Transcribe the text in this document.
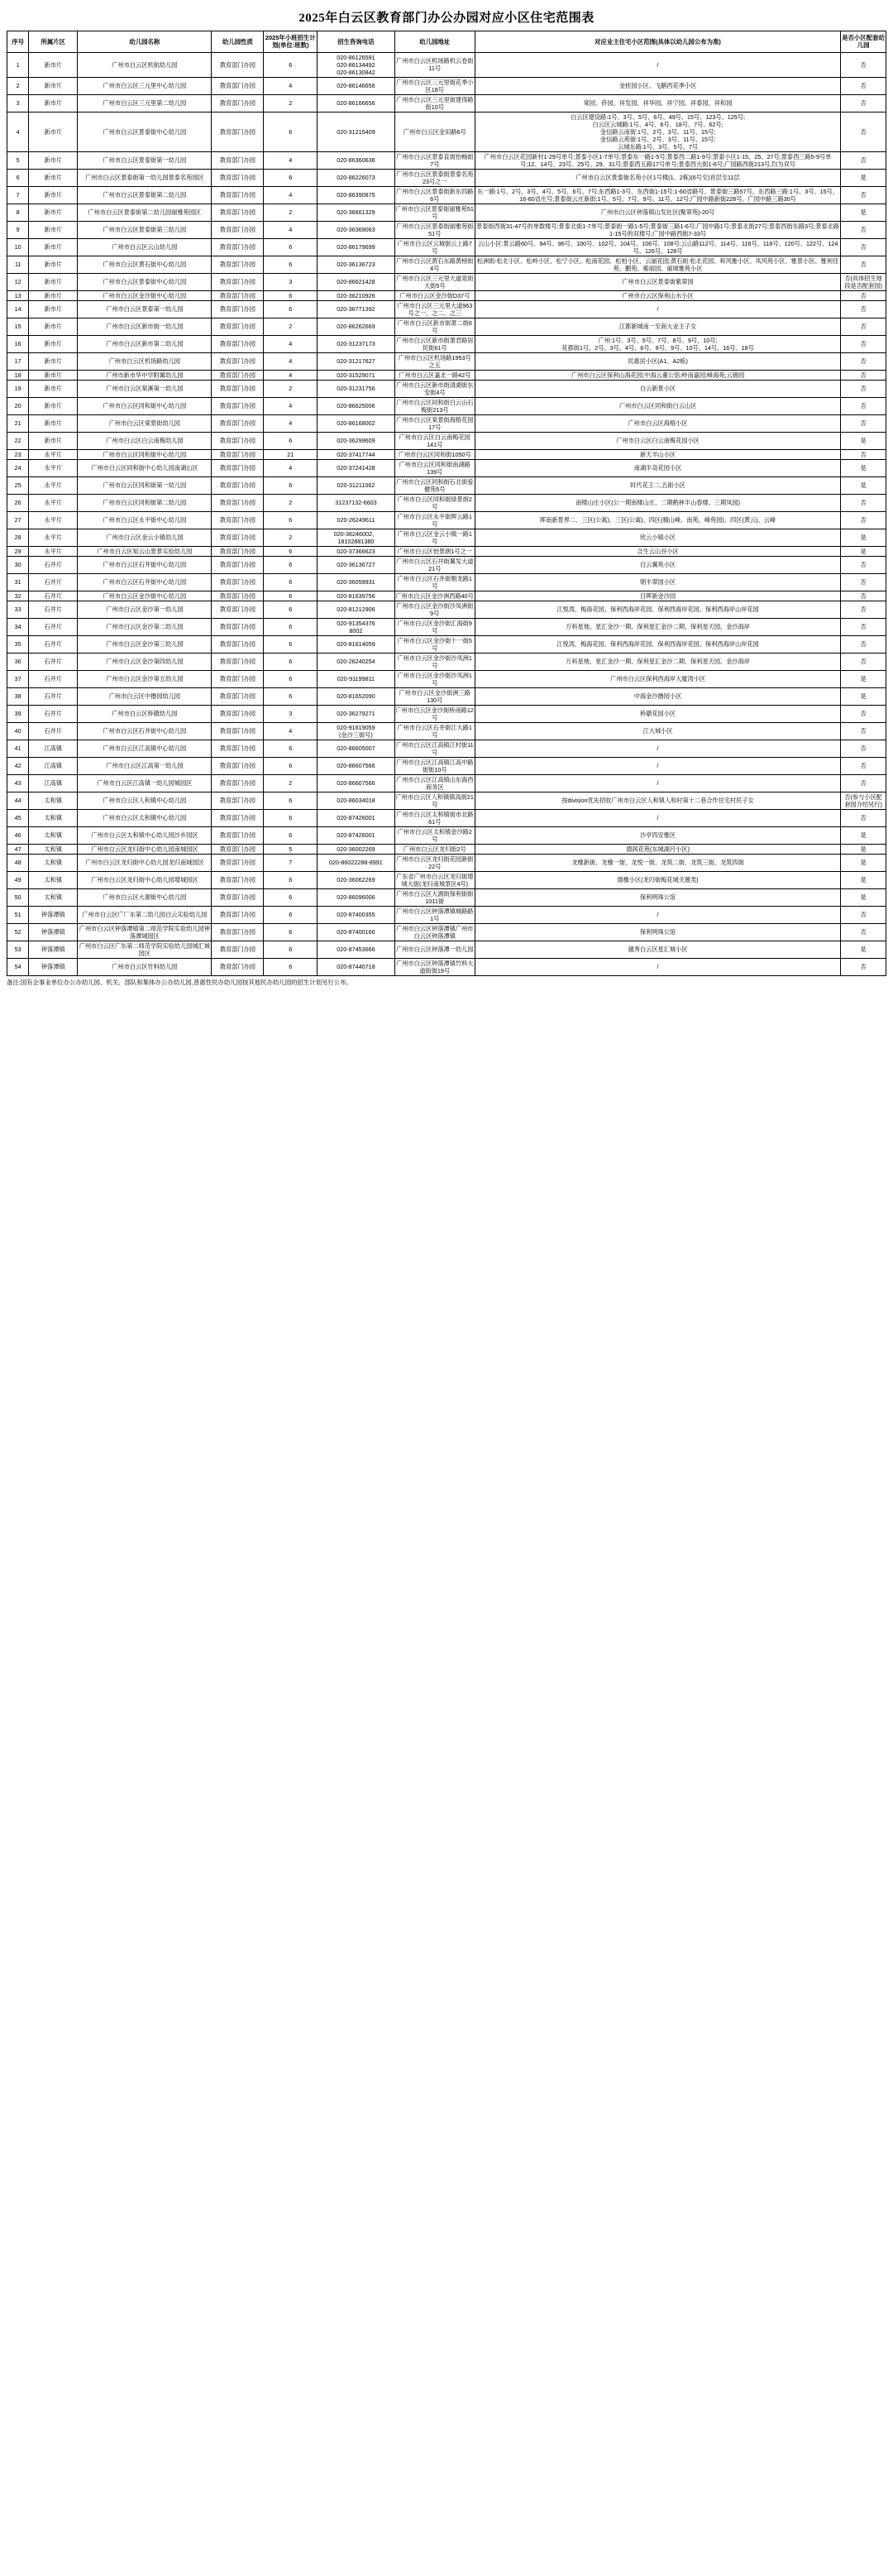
2025年白云区教育部门办公办园对应小区住宅范围表
序号	所属片区	幼儿园名称	幼儿园性质	2025年小班招生计划(单位:班数)	招生咨询电话	幼儿园地址	对应业主住宅小区范围(具体以幼儿园公布为准)	是否小区配套幼儿园
1	新市片	广州市白云区机航幼儿园	教育部门办园	6	020-86126591
020-86134492
020-86130842	广州市白云区机场路机云卷街11号	/	否
2	新市片	广州市白云区三元里中心幼儿园	教育部门办园	4	020-86146656	广州市白云区三元里街花季小区18号	金桂园小区、飞鹅西花季小区	否
3	新市片	广州市白云区三元里第二幼儿园	教育部门办园	2	020-86166656	广州市白云区三元里街建得路街10号	棠园、侨园、祥发园、祥华园、祥宁园、祥泰园、祥和园	否
4	新市片	广州市白云区景泰街中心幼儿园	教育部门办园	6	020-31215409	广州市白云区金田路6号	白云区建设路:1号、3号、5号、6号、49号、15号、123号、125号;
白云区云城路:1号、4号、6号、18号、7号、62号;
金信路云南街:1号、2号、3号、11号、15号;
金信路云苑街:1号、2号、3号、11号、15号;
云城东路:1号、3号、5号、7号	否
5	新市片	广州市白云区景泰街第一幼儿园	教育部门办园	4	020-86360636	广州市白云区景泰直街怡畅街7号	广州市白云区花园新村1-29号单号;景泰小区1-7单号;景泰东一路1-5号;景泰西二路1-9号;景泰小区1-15、25、27号;景泰西三路5-9号单号;12、14号、23号、25号、29、31号;景泰西五路17号单号;景泰西大街1-6号;广园路西街213号,均为双号	否
6	新市片	广州市白云区景泰街第一幼儿园景泰名苑园区	教育部门办园	6	020-86226073	广州市白云区景泰街景泰名苑23号之一	广州市白云区景泰街名苑小区1号楼(1、2栋)(6号至)首层至11层	是
7	新市片	广州市白云区景泰街第二幼儿园	教育部门办园	4	020-86390875	广州市白云区景泰街新东四路6号	东一路:1号、2号、3号、4号、5号、6号、7号;东西路1-3号、东西街1-15号;1-60省路号、景泰街三路57号、东西路三路:1号、3号、15号、16-60省庄号;景泰街云庄新街:1号、5号、7号、9号、11号、12号;广园中路新街228号、广园中路三路30号	否
8	新市片	广州市白云区景泰街第二幼儿园丽雅苑园区	教育部门办园	2	020-36661329	广州市白云区景泰街丽雅苑51号	广州市白云区钟落镇山发社区(聚翠苑)-20号	是
9	新市片	广州市白云区景泰街第三幼儿园	教育部门办园	4	020-36369063	广州市白云区景泰街丽雅苑街51号	景泰街西街31-47号的单数楼号;景泰北街1-7单号;景泰街一路1-5号;景泰街三路1-6号;广园中路1号;景泰北街27号;景泰西街东路3号;景泰北路1-15号的双楼号;广园中路西街7-33号	否
10	新市片	广州市白云区云山幼儿园	教育部门办园	6	020-86179699	广州市白云区云城街云上路7号	云山小区:景云路60号、94号、96号、100号、102号、104号、106号、108号;云山路112号、114号、116号、118号、120号、122号、124号、126号、128号	否
11	新市片	广州市白云区黄石街中心幼儿园	教育部门办园	6	020-36136723	广州市白云区黄石东路黄榜街4号	松洲街:松北小区、松岭小区、松宁小区、松南花园、松柏小区、云丽花园;黄石街:松北花园、和风雅小区、凤风苑小区、雅景小区、雅利佳苑、鹏苑、紫丽园、丽城雅苑小区	否
12	新市片	广州市白云区景泰街中心幼儿园	教育部门办园	3	020-86621428	广州市白云区三元里大道泉街大街5号	广州市白云区景泰街紫翠园	否(具体招生地段是否配套园)
13	新市片	广州市白云区金沙街中心幼儿园	教育部门办园	6	020-36210926	广州市白云区金沙街D37号	广州市白云区保利山水小区	否
14	新市片	广州市白云区景泰第一幼儿园	教育部门办园	6	020-36771392	广州市白云区三元里大道963号之一、之二、之三	/	否
15	新市片	广州市白云区新市街一幼儿园	教育部门办园	2	020-86262669	广州市白云区新市街萧二街6号	江都新城南一至商大业主子女	否
16	新市片	广州市白云区新市第二幼儿园	教育部门办园	4	020-31237173	广州市白云区新市街萧君路居民街61号	广州:1号、3号、5号、7号、8号、9号、10号;
花都街1号、2号、3号、4号、6号、8号、9号、10号、14号、16号、18号	否
17	新市片	广州市白云区机场路幼儿园	教育部门办园	4	020-31217627	广州市白云区机场路1953号之五	民惠居小区(A1、A2栋)	否
18	新市片	广州市新市华中学附属幼儿园	教育部门办园	4	020-31529071	广州市白云区嘉北一路42号	广州市白云区保利山海花园;中海云董公馆;岭南嘉园;峰海苑;云锦园	否
19	新市片	广州市白云区棠溪第一幼儿园	教育部门办园	2	020-31231756	广州市白云区新市街清湖街东安街4号	白云新景小区	否
20	新市片	广州市白云区同和街中心幼儿园	教育部门办园	4	020-86625006	广州市白云区同和街白云山石梅街213号	广州市白云区同和街白云山区	否
21	新市片	广州市白云区棠景街幼儿园	教育部门办园	4	020-86168002	广州市白云区棠景街海榕花园17号	广州市白云区海榕小区	否
22	新市片	广州市白云区白云南梅幼儿园	教育部门办园	6	020-36299609	广州市白云区白云南梅花园141号	广州市白云区白云南梅花园小区	是
23	永平片	广州市白云区同和街中心幼儿园	教育部门办园	21	020-37417744	广州市白云区同和街1050号	新天羊山小区	否
24	永平片	广州市白云区同和街中心幼儿园南湖山区	教育部门办园	4	020-37241428	广州市白云区同和街南湖路139号	南湖半岛花园小区	是
25	永平片	广州市白云区同和街第一幼儿园	教育部门办园	6	020-31211062	广州市白云区同和街石北街爱健苑5号	时代花王二,五街小区	是
26	永平片	广州市白云区同和街第二幼儿园	教育部门办园	2	31237132-6603	广州市白云区同和街绿景街2号	南楼山庄小区(公一期南楼山庄、二期鹤林半山春楼、三期凤园)	否
27	永平片	广州市白云区永平街中心幼儿园	教育部门办园	6	020-26249611	广州市白云区永平街晖云路1号	晖南新景界二、三区(公寓)、三区(公寓)、四区(精山峰、南苑、峰苑园)、四区(黄云)、云峰	否
28	永平片	广州市白云区金云小镇幼儿园	教育部门办园	2	020-36246002、18102881380	广州市白云区金云小镇一路1号	欣云小镇小区	是
29	永平片	广州市白云区知云山景景实验幼儿园	教育部门办园	6	020-37366623	广州市白云区怡景朗1号之一	合生云山谷小区	是
30	石井片	广州市白云区石井街中心幼儿园	教育部门办园	6	020-36136727	广州市白云区石井街翼发大道21号	白云翼苑小区	否
31	石井片	广州市白云区石井街中心幼儿园	教育部门办园	6	020-36059931	广州市白云区石井街朝龙路1号	朝丰翠园小区	否
32	石井片	广州市白云区金沙街中心幼儿园	教育部门办园	6	020-81639756	广州市白云区金沙洲西路40号	日晖新金沙园	否
33	石井片	广州市白云区金沙第一幼儿园	教育部门办园	6	020-81212906	广州市白云区金沙街沙凤洲街9号	江悦湾、梅海花园、保利西海岸花园、保利西海岸花园、保利西海岸山岸花园	否
34	石井片	广州市白云区金沙第二幼儿园	教育部门办园	6	020-91354376
8002	广州市白云区金沙街汇海街9号	万科星地、星汇金沙一期、保利星汇金沙二期、保利星天园、金沙海岸	否
35	石井片	广州市白云区金沙第三幼儿园	教育部门办园	6	020-81614059	广州市白云区金沙街十一街5号	江悦湾、梅海花园、保利西海岸花园、保利西海岸花园、保利西海岸山岸花园	否
36	石井片	广州市白云区金沙第四幼儿园	教育部门办园	6	020-26240254	广州市白云区金沙街沙凤洲1号	万科星地、星汇金沙一期、保利星汇金沙二期、保利星天园、金沙海岸	否
37	石井片	广州市白云区金沙第五幼儿园	教育部门办园	6	020-91199811	广州市白云区金沙街沙凤洲1号	广州市白云区保利西海岸大厦湾小区	是
38	石井片	广州市白云区中撸园幼儿园	教育部门办园	6	020-81652090	广州市白云区金沙街洲三路130号	中海金沙撸园小区	是
39	石井片	广州市白云区桥礅幼儿园	教育部门办园	3	020-36279271	广州市白云区金沙街桥南路12号	桥礅花园小区	否
40	石井片	广州市白云区石井街中心幼儿园	教育部门办园	4	020-91619059
(金沙三街号)	广州市白云区石井街江大路1号	江大城小区	否
41	江高镇	广州市白云区江高镇中心幼儿园	教育部门办园	6	020-86605007	广州市白云区江高镇江村街11号	/	否
42	江高镇	广州市白云区江高第一幼儿园	教育部门办园	6	020-86607566	广州市白云区江高镇江高中路街街10号	/	否
43	江高镇	广州市白云区江高镇一幼儿园城园区	教育部门办园	2	020-86607566	广州市白云区江高镇山东海西商务区	/	否
44	太和镇	广州市白云区人和镇中心幼儿园	教育部门办园	6	020-86034018	广州市白云区人和镇镇高街21号	按division优先招收广州市白云区人和镇人和村第十二巷合作住宅村民子女	否(参与小区配套园介绍另行)
45	太和镇	广州市白云区太和镇中心幼儿园	教育部门办园	6	020-87426001	广州市白云区太和镇街市北路61号	/	否
46	太和镇	广州市白云区太和镇中心幼儿园沙乡园区	教育部门办园	6	020-87426001	广州市白云区太和镇金沙路2号	沙亭四安雅区	是
47	太和镇	广州市白云区龙归街中心幼儿园南城园区	教育部门办园	5	020-36002269	广州市白云区龙归街2号	德润花苑(东城湖月小区)	是
48	太和镇	广州市白云区龙归街中心幼儿园龙归南城园区	教育部门办园	7	020-86022288-8991	广州市白云区龙归街花园新街22号	龙橡新街、龙橡一街、龙悦一街、龙筑二街、龙筑三街、龙筑四街	是
49	太和镇	广州市白云区龙归街中心幼儿园增城园区	教育部门办园	6	020-36062269	广东省广州市白云区龙归街增城大街(龙归南城景区4号)	德橡小区(龙归街梅花城关置类)	是
50	太和镇	广州市白云区大源街中心幼儿园	教育部门办园	6	020-86096006	广州市白云区大源街保利街街1011街	保利明珠公馆	是
51	钟落潭镇	广州市白云区广厂东第二幼儿园白云实验幼儿园	教育部门办园	6	020-87400355	广州市白云区钟落潭镇城路路1号	/	否
52	钟落潭镇	广州市白云区钟落潭镇第二师范学院实验幼儿园钟落潭城园区	教育部门办园	6	020-87400166	广州市白云区钟落潭镇广州市白云区钟落潭镇	保利明珠公馆	否
53	钟落潭镇	广州市白云区广东第二师范学院实验幼儿园城汇城园区	教育部门办园	6	020-87453666	广州市白云区钟落潭一幼儿园	越秀白云区星汇城小区	是
54	钟落潭镇	广州市白云区竹料幼儿园	教育部门办园	6	020-87440718	广州市白云区钟落潭镇竹料大道街街19号	/	否
备注:国有企事业单位办公办幼儿园、机关、部队和集体办公办幼儿园,普惠性民办幼儿园按其他民办幼儿园的招生计划另行公布。
